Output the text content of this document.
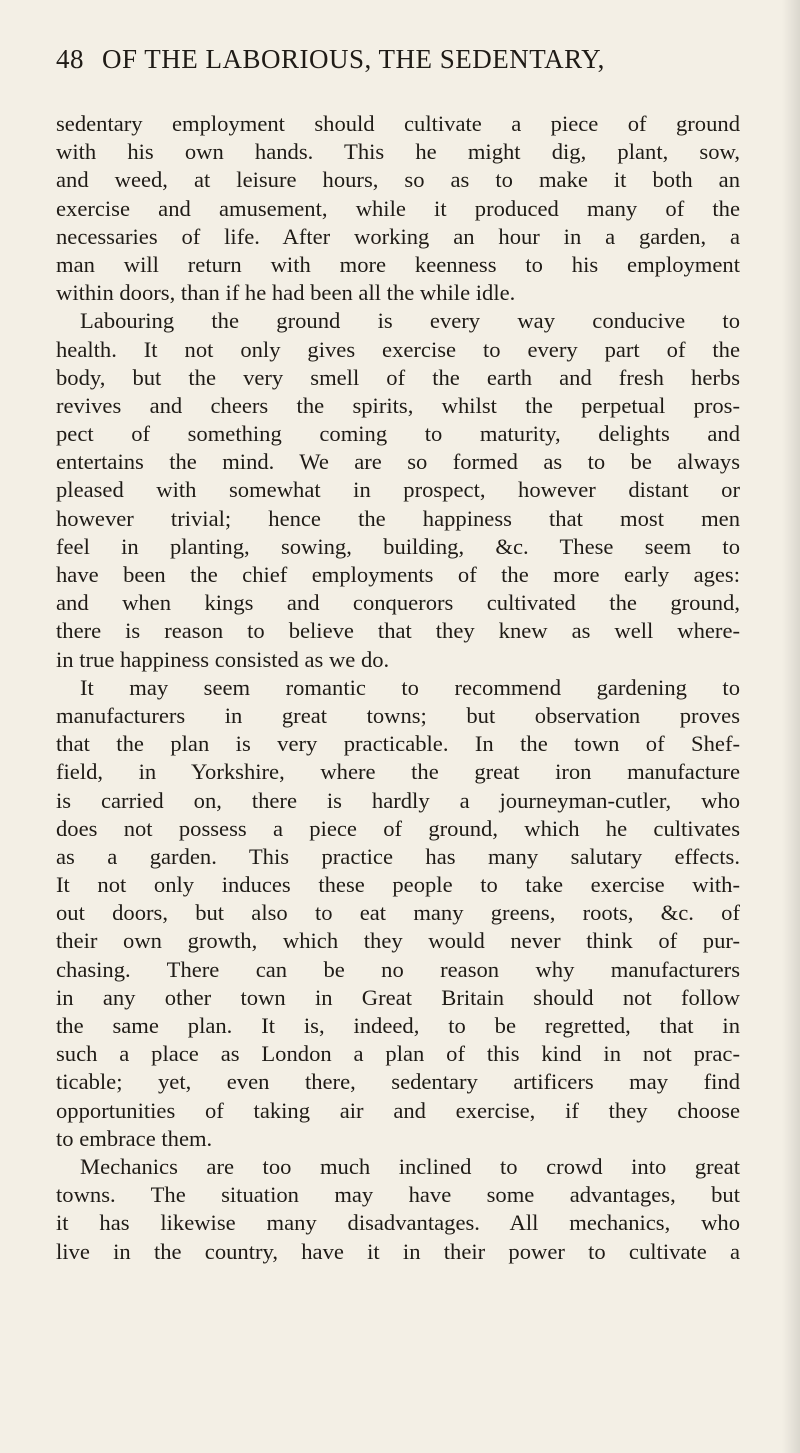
48 OF THE LABORIOUS, THE SEDENTARY,
sedentary employment should cultivate a piece of ground
with his own hands. This he might dig, plant, sow,
and weed, at leisure hours, so as to make it both an
exercise and amusement, while it produced many of the
necessaries of life. After working an hour in a garden, a
man will return with more keenness to his employment
within doors, than if he had been all the while idle.
Labouring the ground is every way conducive to
health. It not only gives exercise to every part of the
body, but the very smell of the earth and fresh herbs
revives and cheers the spirits, whilst the perpetual pros-
pect of something coming to maturity, delights and
entertains the mind. We are so formed as to be always
pleased with somewhat in prospect, however distant or
however trivial; hence the happiness that most men
feel in planting, sowing, building, &c. These seem to
have been the chief employments of the more early ages:
and when kings and conquerors cultivated the ground,
there is reason to believe that they knew as well where-
in true happiness consisted as we do.
It may seem romantic to recommend gardening to
manufacturers in great towns; but observation proves
that the plan is very practicable. In the town of Shef-
field, in Yorkshire, where the great iron manufacture
is carried on, there is hardly a journeyman-cutler, who
does not possess a piece of ground, which he cultivates
as a garden. This practice has many salutary effects.
It not only induces these people to take exercise with-
out doors, but also to eat many greens, roots, &c. of
their own growth, which they would never think of pur-
chasing. There can be no reason why manufacturers
in any other town in Great Britain should not follow
the same plan. It is, indeed, to be regretted, that in
such a place as London a plan of this kind in not prac-
ticable; yet, even there, sedentary artificers may find
opportunities of taking air and exercise, if they choose
to embrace them.
Mechanics are too much inclined to crowd into great
towns. The situation may have some advantages, but
it has likewise many disadvantages. All mechanics, who
live in the country, have it in their power to cultivate a
